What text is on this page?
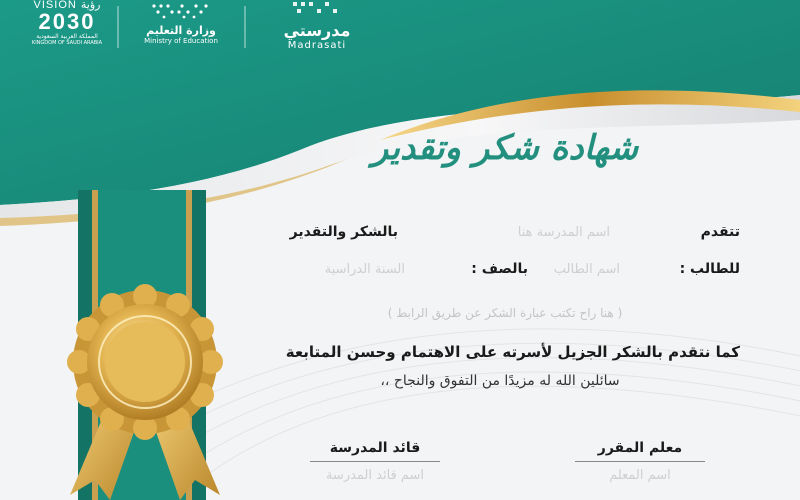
VISION رؤية
2030
المملكة العربية السعودية
KINGDOM OF SAUDI ARABIA
وزارة التعليم
Ministry of Education
مدرستي
Madrasati
شهادة شكر وتقدير
تتقدم
اسم المدرسة هنا
بالشكر والتقدير
للطالب :
اسم الطالب
بالصف :
السنة الدراسية
( هنا راح تكتب عبارة الشكر عن طريق الرابط )
كما نتقدم بالشكر الجزيل لأسرته على الاهتمام وحسن المتابعة
سائلين الله له مزيدًا من التفوق والنجاح ،،
معلم المقرر
اسم المعلم
قائد المدرسة
اسم قائد المدرسة
